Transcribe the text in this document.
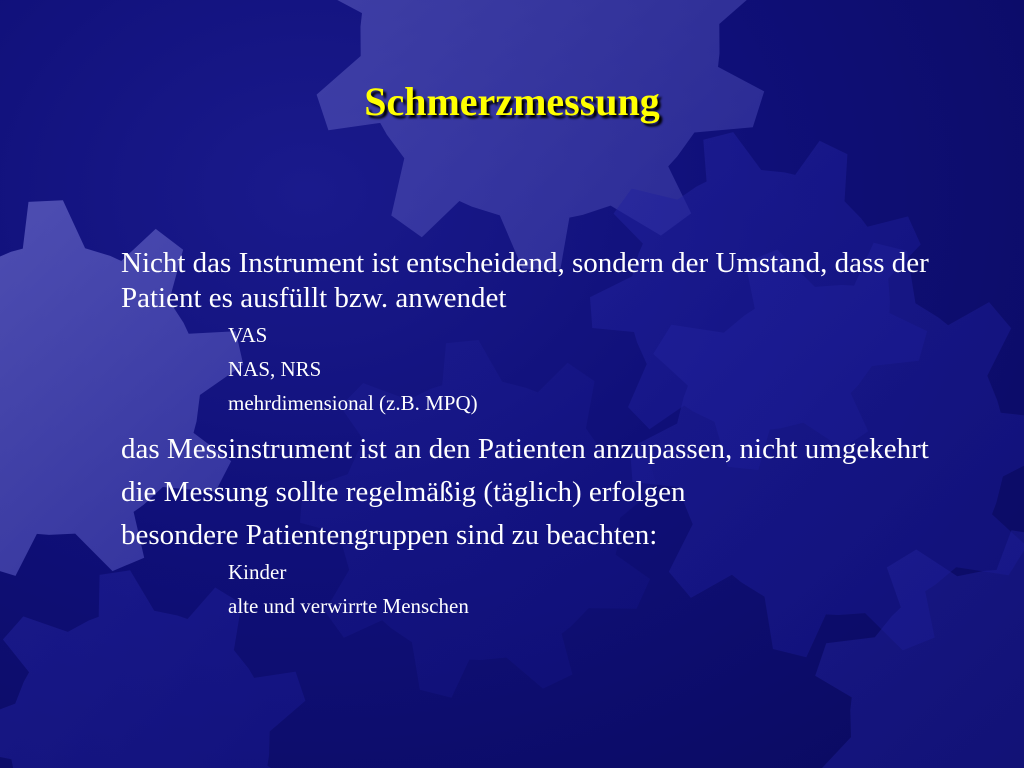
Schmerzmessung

Nicht das Instrument ist entscheidend, sondern der Umstand, dass der Patient es ausfüllt bzw. anwendet

VAS

NAS, NRS

mehrdimensional (z.B. MPQ)

das Messinstrument ist an den Patienten anzupassen, nicht umgekehrt

die Messung sollte regelmäßig (täglich) erfolgen

besondere Patientengruppen sind zu beachten:

Kinder

alte und verwirrte Menschen
